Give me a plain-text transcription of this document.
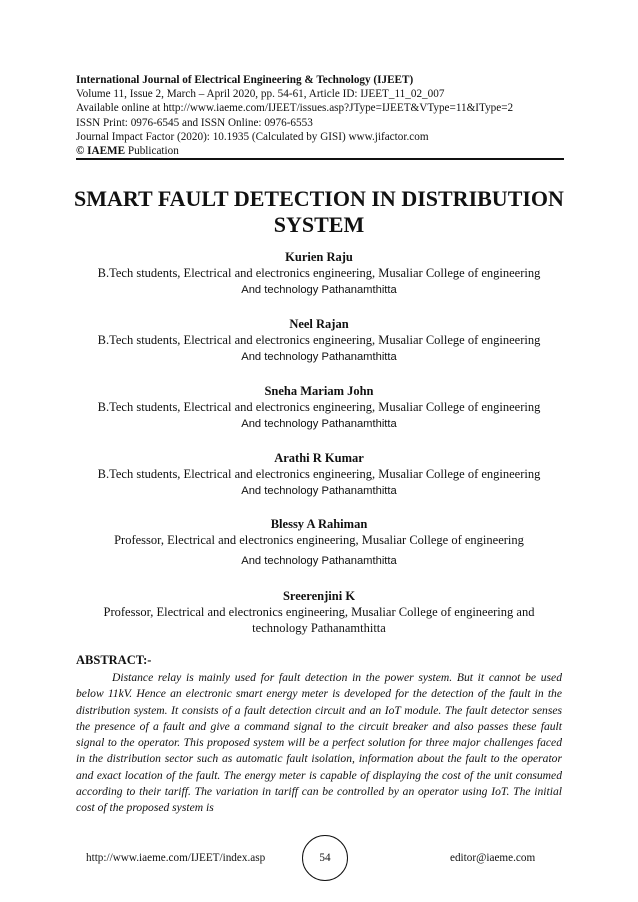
International Journal of Electrical Engineering & Technology (IJEET)
Volume 11, Issue 2, March – April 2020, pp. 54-61, Article ID: IJEET_11_02_007
Available online at http://www.iaeme.com/IJEET/issues.asp?JType=IJEET&VType=11&IType=2
ISSN Print: 0976-6545 and ISSN Online: 0976-6553
Journal Impact Factor (2020): 10.1935 (Calculated by GISI) www.jifactor.com
© IAEME Publication
SMART FAULT DETECTION IN DISTRIBUTION SYSTEM
Kurien Raju
B.Tech students, Electrical and electronics engineering, Musaliar College of engineering
And technology Pathanamthitta
Neel Rajan
B.Tech students, Electrical and electronics engineering, Musaliar College of engineering
And technology Pathanamthitta
Sneha Mariam John
B.Tech students, Electrical and electronics engineering, Musaliar College of engineering
And technology Pathanamthitta
Arathi R Kumar
B.Tech students, Electrical and electronics engineering, Musaliar College of engineering
And technology Pathanamthitta
Blessy A Rahiman
Professor, Electrical and electronics engineering, Musaliar College of engineering
And technology Pathanamthitta
Sreerenjini K
Professor, Electrical and electronics engineering, Musaliar College of engineering and technology Pathanamthitta
ABSTRACT:-
Distance relay is mainly used for fault detection in the power system. But it cannot be used below 11kV. Hence an electronic smart energy meter is developed for the detection of the fault in the distribution system. It consists of a fault detection circuit and an IoT module. The fault detector senses the presence of a fault and give a command signal to the circuit breaker and also passes these fault signal to the operator. This proposed system will be a perfect solution for three major challenges faced in the distribution sector such as automatic fault isolation, information about the fault to the operator and exact location of the fault. The energy meter is capable of displaying the cost of the unit consumed according to their tariff. The variation in tariff can be controlled by an operator using IoT. The initial cost of the proposed system is
http://www.iaeme.com/IJEET/index.asp	54	editor@iaeme.com
